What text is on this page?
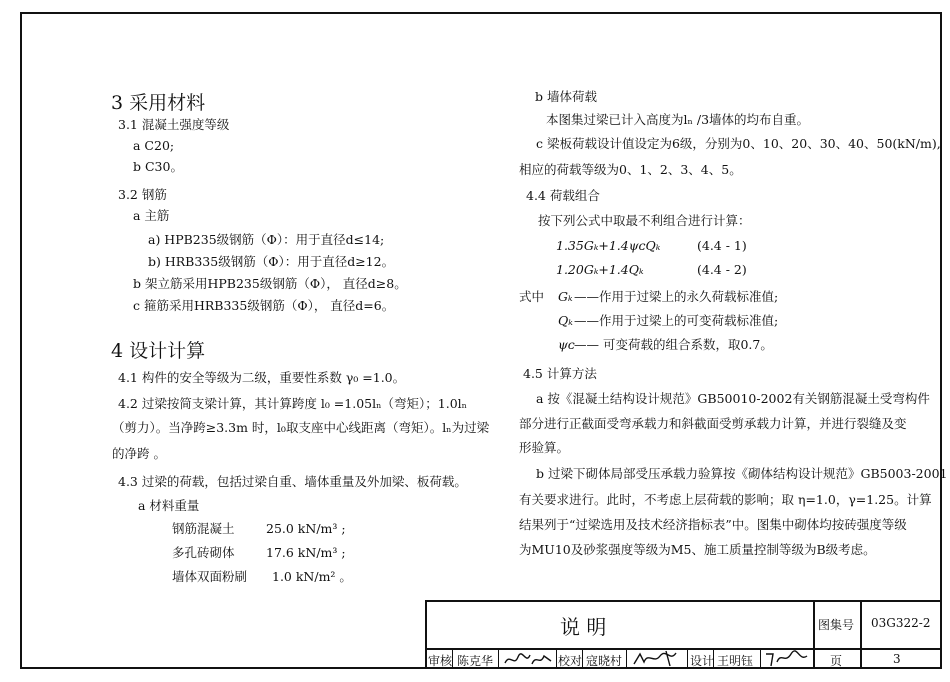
3 采用材料
3.1 混凝土强度等级
a C20;
b C30。
3.2 钢筋
a 主筋
a) HPB235级钢筋（Φ）：用于直径d≤14;
b) HRB335级钢筋（Φ）：用于直径d≥12。
b 架立筋采用HPB235级钢筋（Φ）， 直径d≥8。
c 箍筋采用HRB335级钢筋（Φ）， 直径d=6。
4 设计计算
4.1 构件的安全等级为二级，重要性系数 γ₀ =1.0。
4.2 过梁按简支梁计算，其计算跨度 l₀ =1.05lₙ（弯矩）；1.0lₙ
（剪力）。当净跨≥3.3m 时，l₀取支座中心线距离（弯矩）。lₙ为过梁
的净跨 。
4.3 过梁的荷载，包括过梁自重、墙体重量及外加梁、板荷载。
a 材料重量
钢筋混凝土	25.0 kN/m³ ;
多孔砖砌体	17.6 kN/m³ ;
墙体双面粉刷 1.0 kN/m² 。
b 墙体荷载
本图集过梁已计入高度为lₙ /3墙体的均布自重。
c 梁板荷载设计值设定为6级，分别为0、10、20、30、40、50(kN/m),
相应的荷载等级为0、1、2、3、4、5。
4.4 荷载组合
按下列公式中取最不利组合进行计算：
1.35Gₖ+1.4ψᴄQₖ	(4.4 - 1)
1.20Gₖ+1.4Qₖ	(4.4 - 2)
式中 Gₖ ——作用于过梁上的永久荷载标准值;
Qₖ ——作用于过梁上的可变荷载标准值;
ψᴄ —— 可变荷载的组合系数，取0.7。
4.5 计算方法
a 按《混凝土结构设计规范》GB50010-2002有关钢筋混凝土受弯构件
部分进行正截面受弯承载力和斜截面受剪承载力计算，并进行裂缝及变
形验算。
b 过梁下砌体局部受压承载力验算按《砌体结构设计规范》GB5003-2001
有关要求进行。此时，不考虑上层荷载的影响；取 η=1.0，γ=1.25。计算
结果列于“过梁选用及技术经济指标表”中。图集中砌体均按砖强度等级
为MU10及砂浆强度等级为M5、施工质量控制等级为B级考虑。
说 明	图集号 03G322-2
审核 陈克华	校对 寇晓村	设计 王明钰	页	3
